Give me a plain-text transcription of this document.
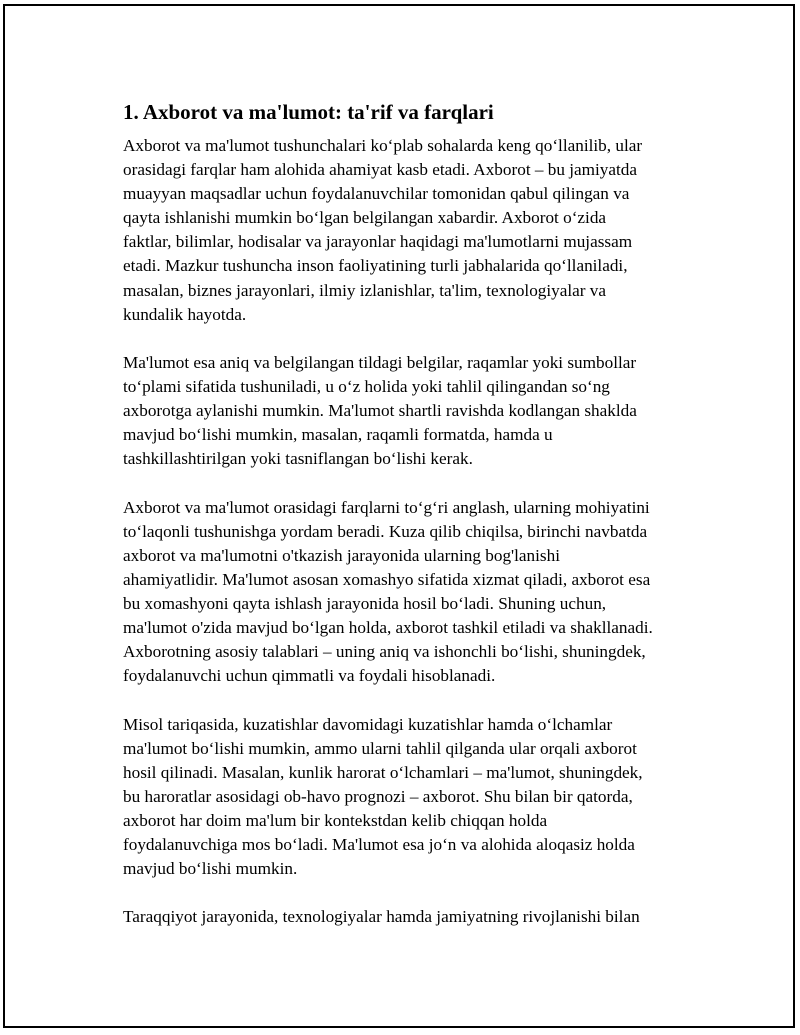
1. Axborot va ma'lumot: ta'rif va farqlari

Axborot va ma'lumot tushunchalari ko‘plab sohalarda keng qo‘llanilib, ular
orasidagi farqlar ham alohida ahamiyat kasb etadi. Axborot – bu jamiyatda
muayyan maqsadlar uchun foydalanuvchilar tomonidan qabul qilingan va
qayta ishlanishi mumkin bo‘lgan belgilangan xabardir. Axborot o‘zida
faktlar, bilimlar, hodisalar va jarayonlar haqidagi ma'lumotlarni mujassam
etadi. Mazkur tushuncha inson faoliyatining turli jabhalarida qo‘llaniladi,
masalan, biznes jarayonlari, ilmiy izlanishlar, ta'lim, texnologiyalar va
kundalik hayotda.

Ma'lumot esa aniq va belgilangan tildagi belgilar, raqamlar yoki sumbollar
to‘plami sifatida tushuniladi, u o‘z holida yoki tahlil qilingandan so‘ng
axborotga aylanishi mumkin. Ma'lumot shartli ravishda kodlangan shaklda
mavjud bo‘lishi mumkin, masalan, raqamli formatda, hamda u
tashkillashtirilgan yoki tasniflangan bo‘lishi kerak.

Axborot va ma'lumot orasidagi farqlarni to‘g‘ri anglash, ularning mohiyatini
to‘laqonli tushunishga yordam beradi. Kuza qilib chiqilsa, birinchi navbatda
axborot va ma'lumotni o'tkazish jarayonida ularning bog'lanishi
ahamiyatlidir. Ma'lumot asosan xomashyo sifatida xizmat qiladi, axborot esa
bu xomashyoni qayta ishlash jarayonida hosil bo‘ladi. Shuning uchun,
ma'lumot o'zida mavjud bo‘lgan holda, axborot tashkil etiladi va shakllanadi.
Axborotning asosiy talablari – uning aniq va ishonchli bo‘lishi, shuningdek,
foydalanuvchi uchun qimmatli va foydali hisoblanadi.

Misol tariqasida, kuzatishlar davomidagi kuzatishlar hamda o‘lchamlar
ma'lumot bo‘lishi mumkin, ammo ularni tahlil qilganda ular orqali axborot
hosil qilinadi. Masalan, kunlik harorat o‘lchamlari – ma'lumot, shuningdek,
bu haroratlar asosidagi ob-havo prognozi – axborot. Shu bilan bir qatorda,
axborot har doim ma'lum bir kontekstdan kelib chiqqan holda
foydalanuvchiga mos bo‘ladi. Ma'lumot esa jo‘n va alohida aloqasiz holda
mavjud bo‘lishi mumkin.

Taraqqiyot jarayonida, texnologiyalar hamda jamiyatning rivojlanishi bilan
